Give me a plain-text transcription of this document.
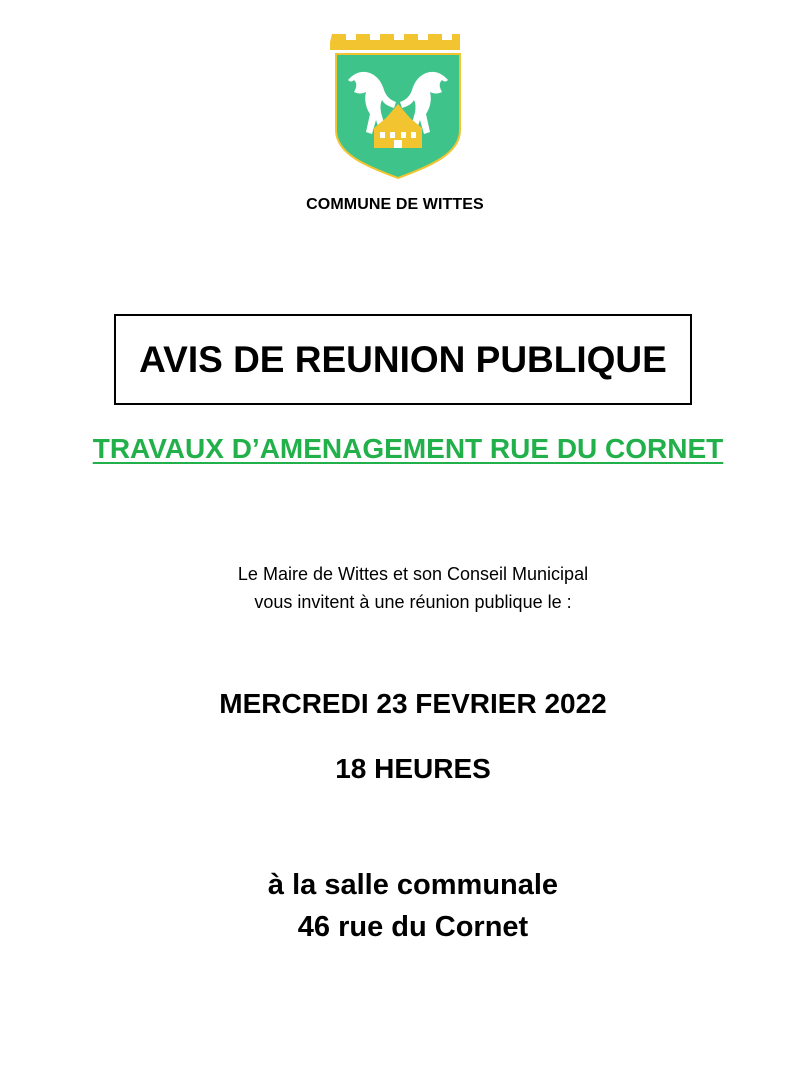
COMMUNE DE WITTES
AVIS DE REUNION PUBLIQUE
TRAVAUX D’AMENAGEMENT RUE DU CORNET
Le Maire de Wittes et son Conseil Municipal
vous invitent à une réunion publique le :
MERCREDI 23 FEVRIER 2022
18 HEURES
à la salle communale
46 rue du Cornet
